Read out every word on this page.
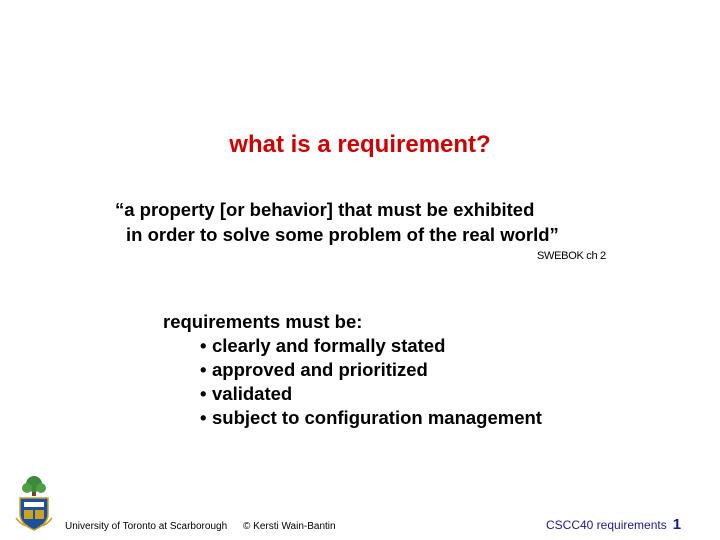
what is a requirement?
“a property [or behavior] that must be exhibited
in order to solve some problem of the real world”
SWEBOK ch 2
requirements must be:
• clearly and formally stated
• approved and prioritized
• validated
• subject to configuration management
University of Toronto at Scarborough © Kersti Wain-Bantin	CSCC40 requirements 1
